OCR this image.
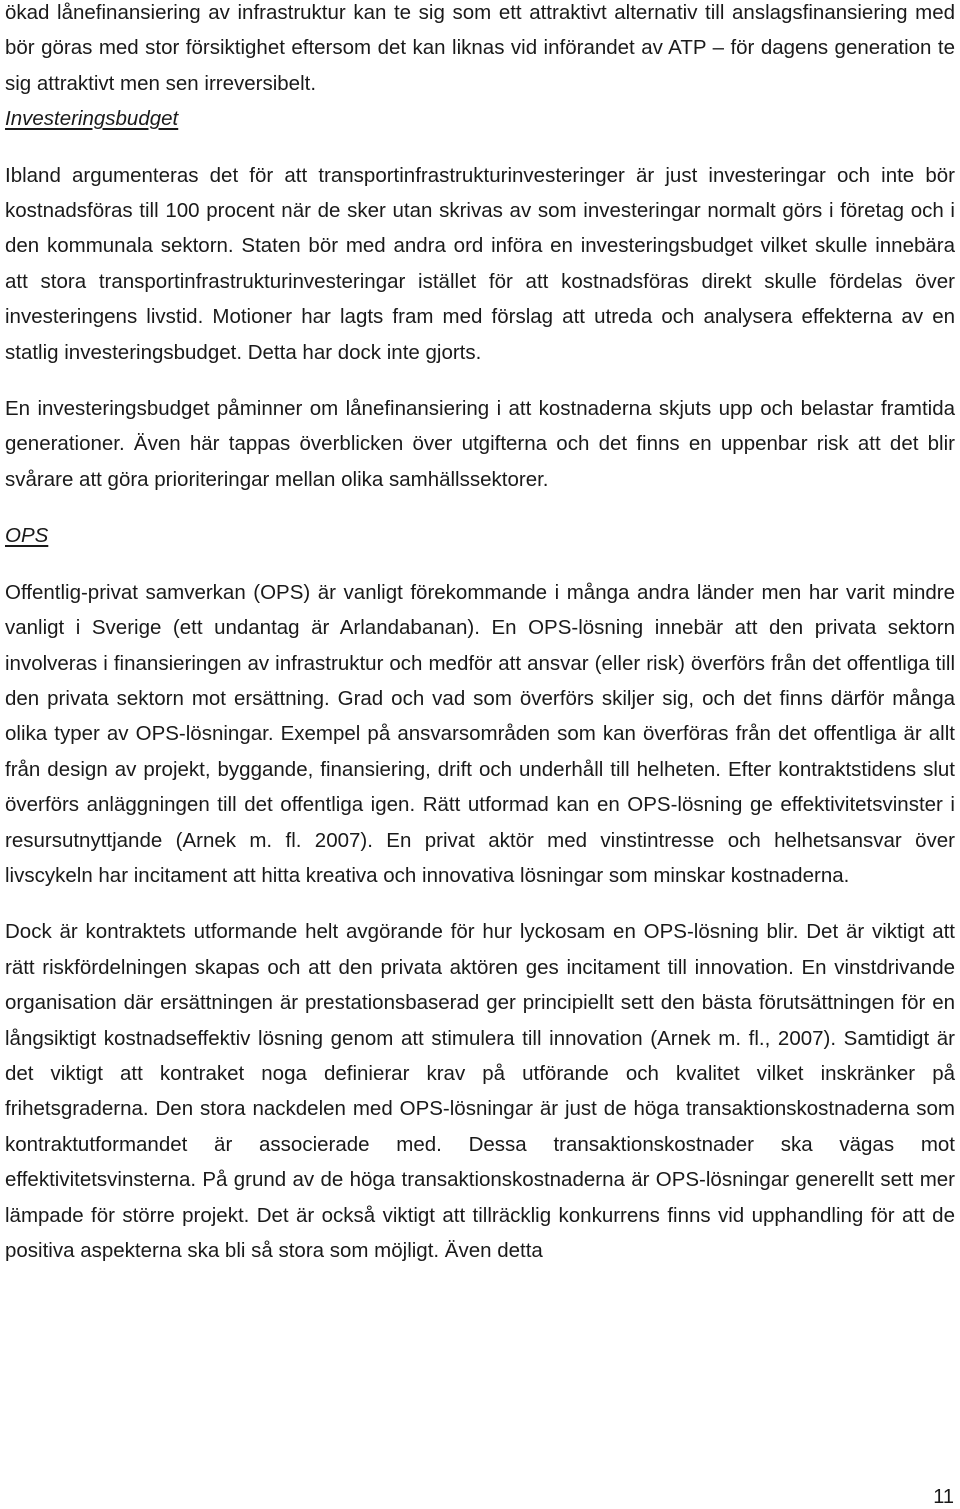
ökad lånefinansiering av infrastruktur kan te sig som ett attraktivt alternativ till anslagsfinansiering med bör göras med stor försiktighet eftersom det kan liknas vid införandet av ATP – för dagens generation te sig attraktivt men sen irreversibelt.

Investeringsbudget

Ibland argumenteras det för att transportinfrastrukturinvesteringer är just investeringar och inte bör kostnadsföras till 100 procent när de sker utan skrivas av som investeringar normalt görs i företag och i den kommunala sektorn. Staten bör med andra ord införa en investeringsbudget vilket skulle innebära att stora transportinfrastrukturinvesteringar istället för att kostnadsföras direkt skulle fördelas över investeringens livstid. Motioner har lagts fram med förslag att utreda och analysera effekterna av en statlig investeringsbudget. Detta har dock inte gjorts.

En investeringsbudget påminner om lånefinansiering i att kostnaderna skjuts upp och belastar framtida generationer. Även här tappas överblicken över utgifterna och det finns en uppenbar risk att det blir svårare att göra prioriteringar mellan olika samhällssektorer.

OPS

Offentlig-privat samverkan (OPS) är vanligt förekommande i många andra länder men har varit mindre vanligt i Sverige (ett undantag är Arlandabanan). En OPS-lösning innebär att den privata sektorn involveras i finansieringen av infrastruktur och medför att ansvar (eller risk) överförs från det offentliga till den privata sektorn mot ersättning. Grad och vad som överförs skiljer sig, och det finns därför många olika typer av OPS-lösningar. Exempel på ansvarsområden som kan överföras från det offentliga är allt från design av projekt, byggande, finansiering, drift och underhåll till helheten. Efter kontraktstidens slut överförs anläggningen till det offentliga igen. Rätt utformad kan en OPS-lösning ge effektivitetsvinster i resursutnyttjande (Arnek m. fl. 2007). En privat aktör med vinstintresse och helhetsansvar över livscykeln har incitament att hitta kreativa och innovativa lösningar som minskar kostnaderna.

Dock är kontraktets utformande helt avgörande för hur lyckosam en OPS-lösning blir. Det är viktigt att rätt riskfördelningen skapas och att den privata aktören ges incitament till innovation. En vinstdrivande organisation där ersättningen är prestationsbaserad ger principiellt sett den bästa förutsättningen för en långsiktigt kostnadseffektiv lösning genom att stimulera till innovation (Arnek m. fl., 2007). Samtidigt är det viktigt att kontraket noga definierar krav på utförande och kvalitet vilket inskränker på frihetsgraderna. Den stora nackdelen med OPS-lösningar är just de höga transaktionskostnaderna som kontraktutformandet är associerade med. Dessa transaktionskostnader ska vägas mot effektivitetsvinsterna. På grund av de höga transaktionskostnaderna är OPS-lösningar generellt sett mer lämpade för större projekt. Det är också viktigt att tillräcklig konkurrens finns vid upphandling för att de positiva aspekterna ska bli så stora som möjligt. Även detta

11
